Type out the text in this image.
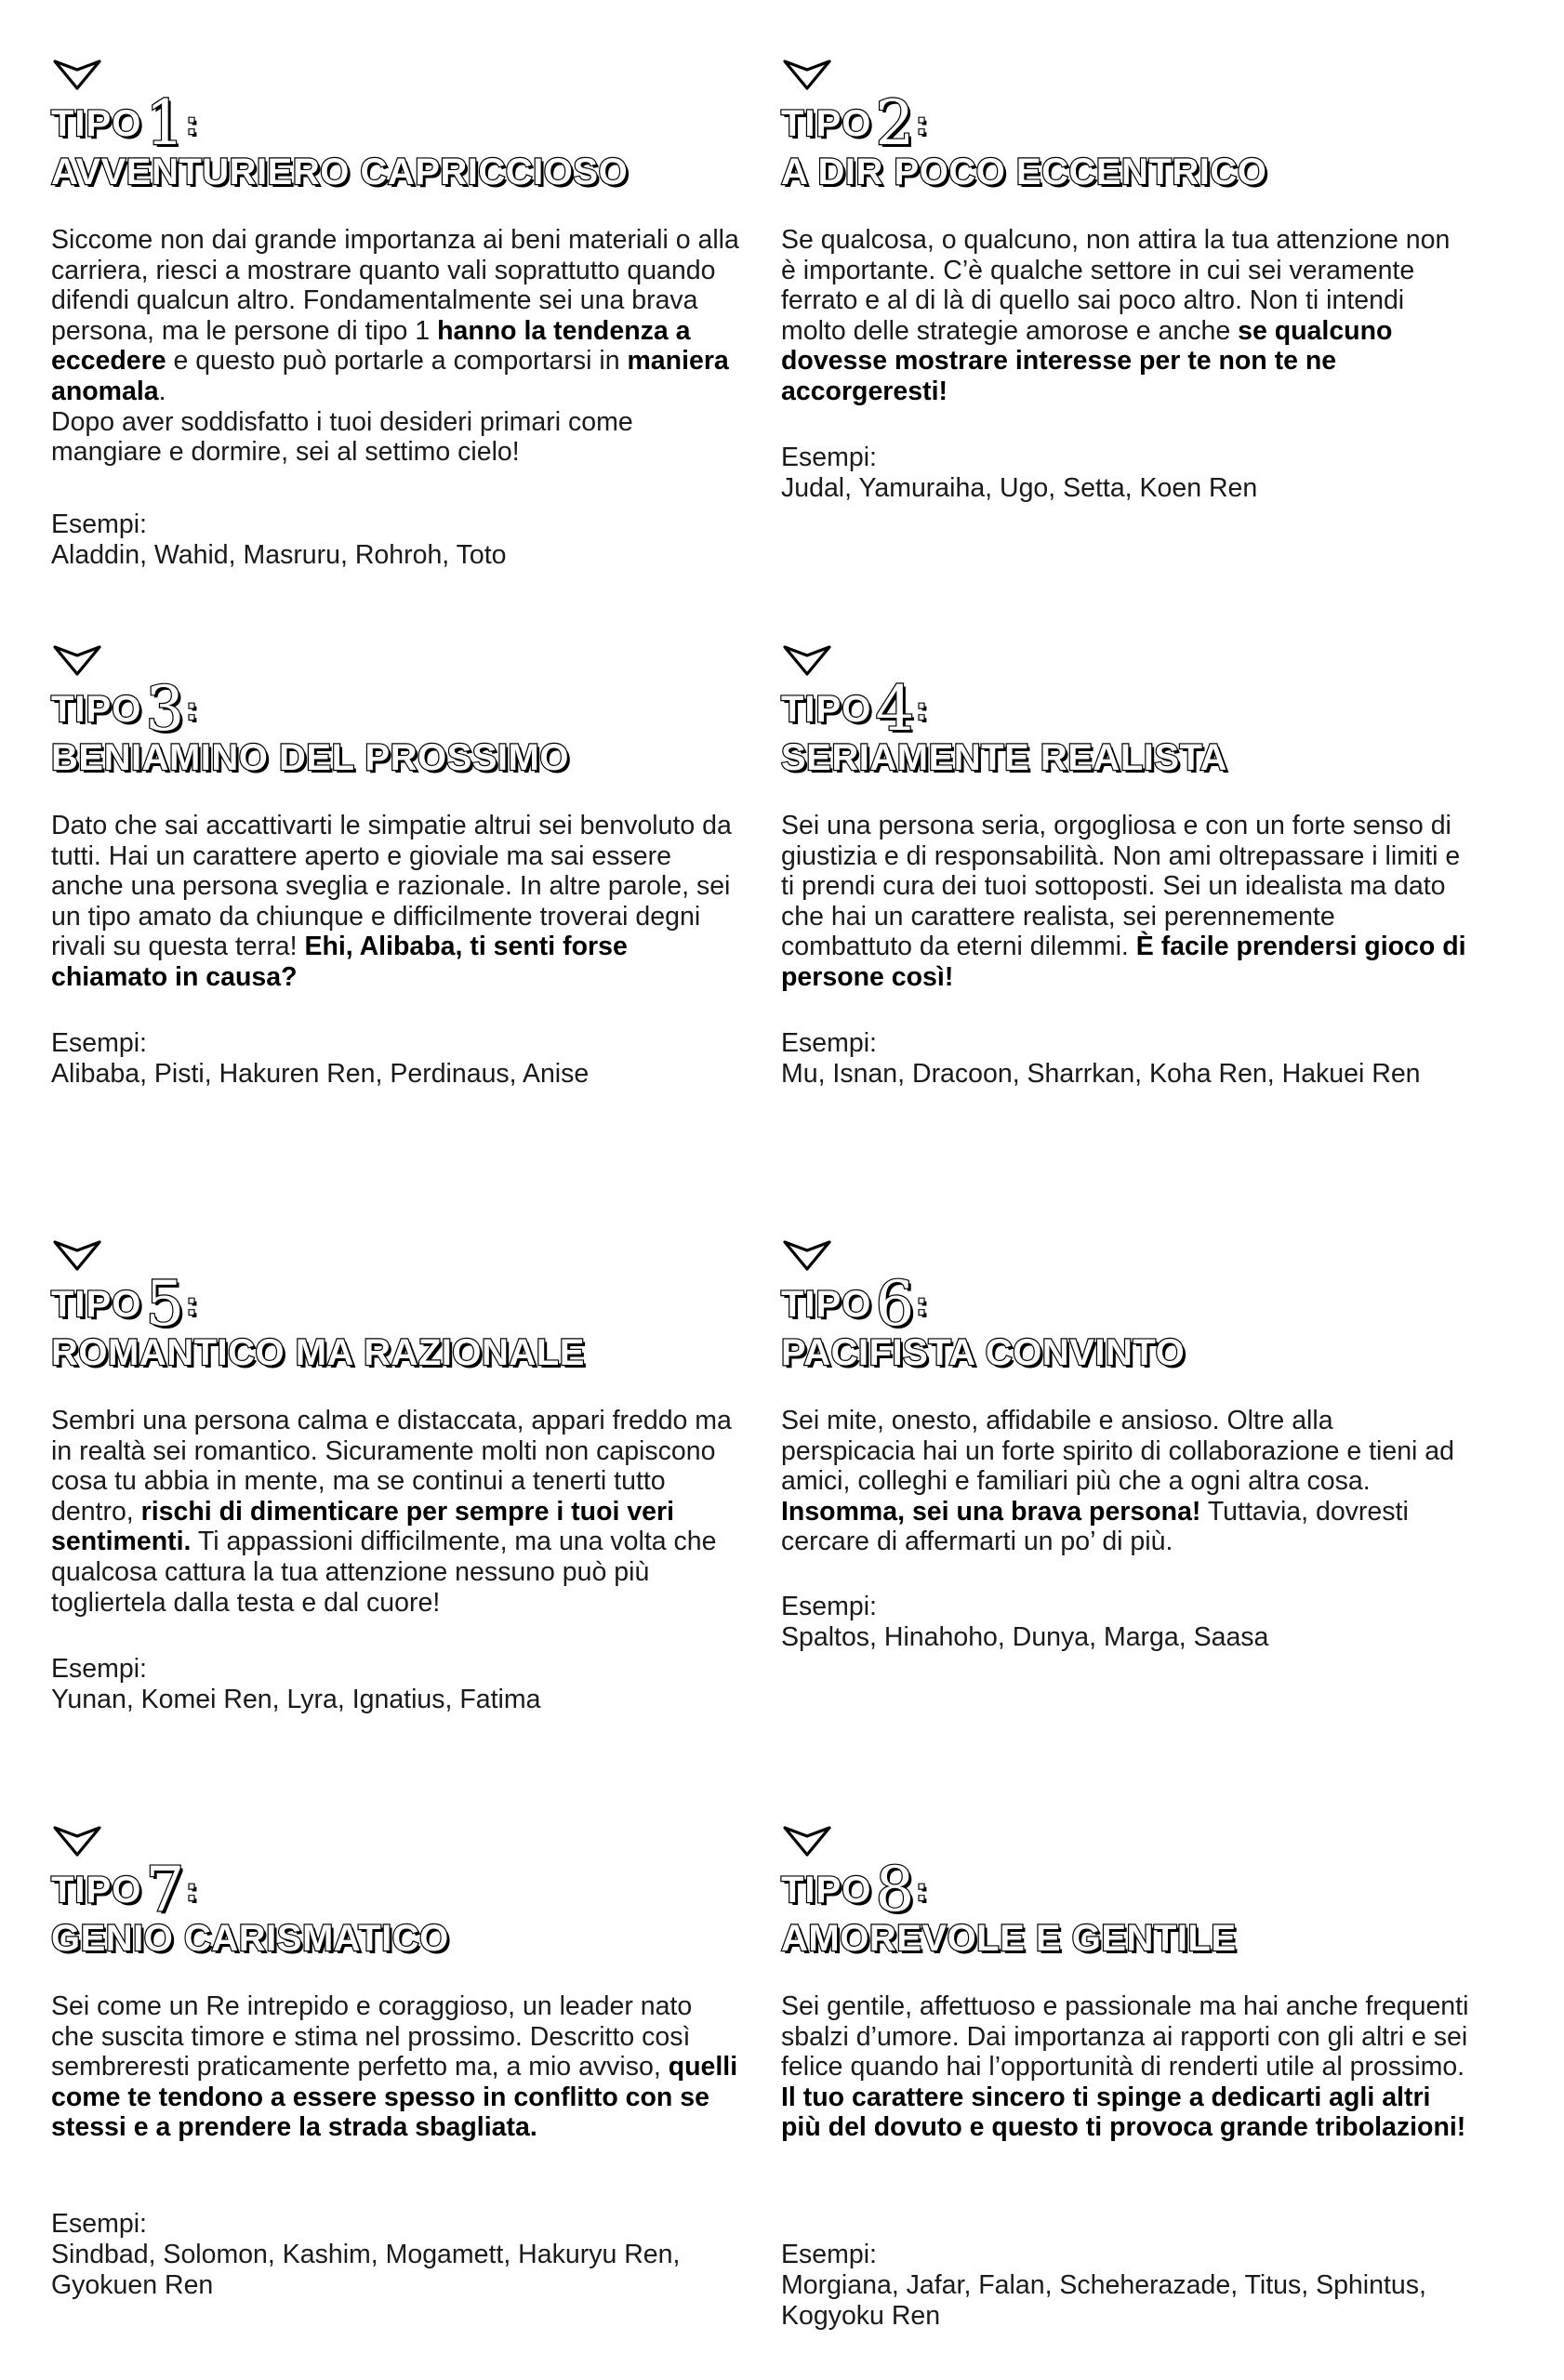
TIPO1:
AVVENTURIERO CAPRICCIOSO

Siccome non dai grande importanza ai beni materiali o alla carriera, riesci a mostrare quanto vali soprattutto quando difendi qualcun altro. Fondamentalmente sei una brava persona, ma le persone di tipo 1 hanno la tendenza a eccedere e questo può portarle a comportarsi in maniera anomala.
Dopo aver soddisfatto i tuoi desideri primari come mangiare e dormire, sei al settimo cielo!

Esempi:

Aladdin, Wahid, Masruru, Rohroh, Toto

TIPO2:
A DIR POCO ECCENTRICO

Se qualcosa, o qualcuno, non attira la tua attenzione non è importante. C’è qualche settore in cui sei veramente ferrato e al di là di quello sai poco altro. Non ti intendi molto delle strategie amorose e anche se qualcuno dovesse mostrare interesse per te non te ne accorgeresti!

Esempi:

Judal, Yamuraiha, Ugo, Setta, Koen Ren

TIPO3:
BENIAMINO DEL PROSSIMO

Dato che sai accattivarti le simpatie altrui sei benvoluto da tutti. Hai un carattere aperto e gioviale ma sai essere anche una persona sveglia e razionale. In altre parole, sei un tipo amato da chiunque e difficilmente troverai degni rivali su questa terra! Ehi, Alibaba, ti senti forse chiamato in causa?

Esempi:

Alibaba, Pisti, Hakuren Ren, Perdinaus, Anise

TIPO4:
SERIAMENTE REALISTA

Sei una persona seria, orgogliosa e con un forte senso di giustizia e di responsabilità. Non ami oltrepassare i limiti e ti prendi cura dei tuoi sottoposti. Sei un idealista ma dato che hai un carattere realista, sei perennemente combattuto da eterni dilemmi. È facile prendersi gioco di persone così!

Esempi:

Mu, Isnan, Dracoon, Sharrkan, Koha Ren, Hakuei Ren

TIPO5:
ROMANTICO MA RAZIONALE

Sembri una persona calma e distaccata, appari freddo ma in realtà sei romantico. Sicuramente molti non capiscono cosa tu abbia in mente, ma se continui a tenerti tutto dentro, rischi di dimenticare per sempre i tuoi veri sentimenti. Ti appassioni difficilmente, ma una volta che qualcosa cattura la tua attenzione nessuno può più togliertela dalla testa e dal cuore!

Esempi:

Yunan, Komei Ren, Lyra, Ignatius, Fatima

TIPO6:
PACIFISTA CONVINTO

Sei mite, onesto, affidabile e ansioso. Oltre alla perspicacia hai un forte spirito di collaborazione e tieni ad amici, colleghi e familiari più che a ogni altra cosa. Insomma, sei una brava persona! Tuttavia, dovresti cercare di affermarti un po’ di più.

Esempi:

Spaltos, Hinahoho, Dunya, Marga, Saasa

TIPO7:
GENIO CARISMATICO

Sei come un Re intrepido e coraggioso, un leader nato che suscita timore e stima nel prossimo. Descritto così sembreresti praticamente perfetto ma, a mio avviso, quelli come te tendono a essere spesso in conflitto con se stessi e a prendere la strada sbagliata.

Esempi:

Sindbad, Solomon, Kashim, Mogamett, Hakuryu Ren, Gyokuen Ren

TIPO8:
AMOREVOLE E GENTILE

Sei gentile, affettuoso e passionale ma hai anche frequenti sbalzi d’umore. Dai importanza ai rapporti con gli altri e sei felice quando hai l’opportunità di renderti utile al prossimo. Il tuo carattere sincero ti spinge a dedicarti agli altri più del dovuto e questo ti provoca grande tribolazioni!

Esempi:

Morgiana, Jafar, Falan, Scheherazade, Titus, Sphintus, Kogyoku Ren
